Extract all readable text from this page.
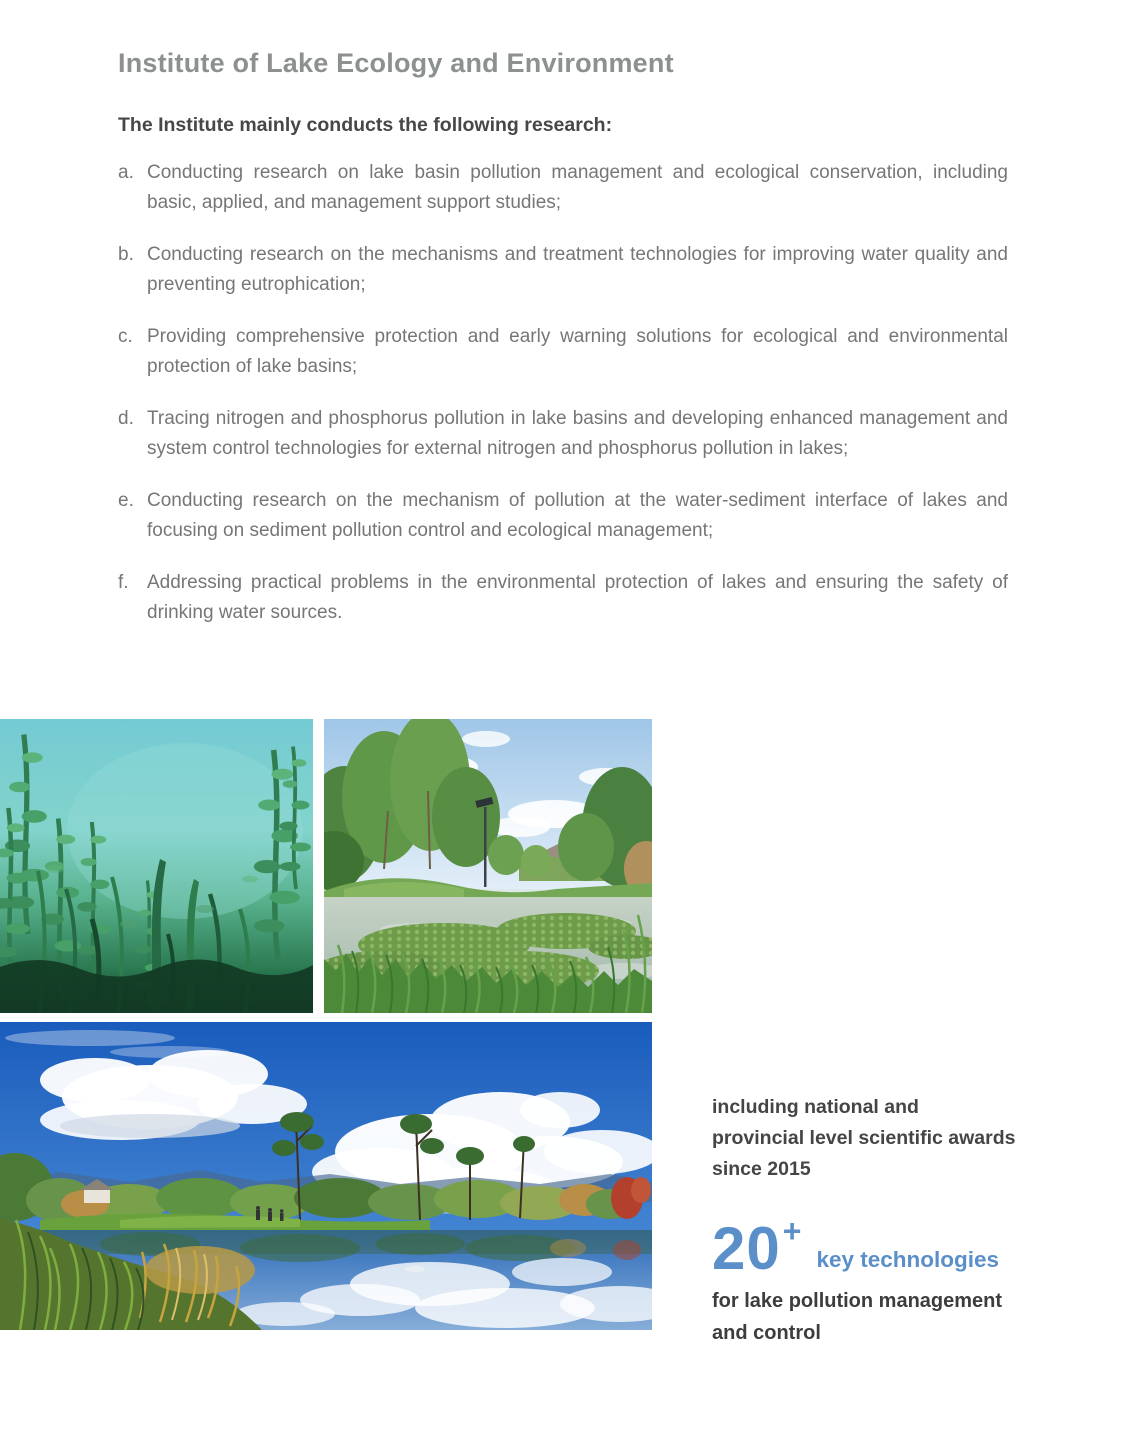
Institute of Lake Ecology and Environment
The Institute mainly conducts the following research:
a. Conducting research on lake basin pollution management and ecological conservation, including basic, applied, and management support studies;
b. Conducting research on the mechanisms and treatment technologies for improving water quality and preventing eutrophication;
c. Providing comprehensive protection and early warning solutions for ecological and environmental protection of lake basins;
d. Tracing nitrogen and phosphorus pollution in lake basins and developing enhanced management and system control technologies for external nitrogen and phosphorus pollution in lakes;
e. Conducting research on the mechanism of pollution at the water-sediment interface of lakes and focusing on sediment pollution control and ecological management;
f. Addressing practical problems in the environmental protection of lakes and ensuring the safety of drinking water sources.
including national and
provincial level scientific awards
since 2015
20+
key technologies
for lake pollution management
and control
